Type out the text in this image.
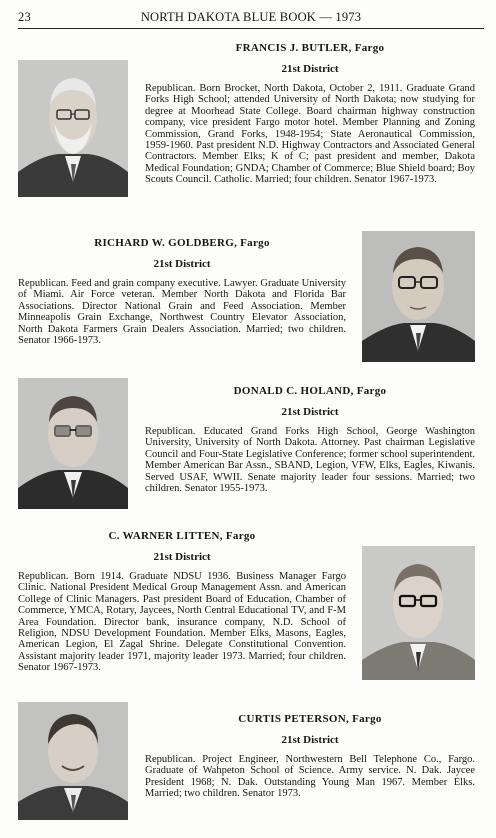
23	NORTH DAKOTA BLUE BOOK — 1973
FRANCIS J. BUTLER, Fargo
21st District
Republican. Born Brocket, North Dakota, October 2, 1911. Graduate Grand Forks High School; attended University of North Dakota; now studying for degree at Moorhead State College. Board chairman highway construction company, vice president Fargo motor hotel. Member Planning and Zoning Commission, Grand Forks, 1948-1954; State Aeronautical Commission, 1959-1960. Past president N.D. Highway Contractors and Associated General Contractors. Member Elks; K of C; past president and member, Dakota Medical Foundation; GNDA; Chamber of Commerce; Blue Shield board; Boy Scouts Council. Catholic. Married; four children. Senator 1967-1973.
RICHARD W. GOLDBERG, Fargo
21st District
Republican. Feed and grain company executive. Lawyer. Graduate University of Miami. Air Force veteran. Member North Dakota and Florida Bar Associations. Director National Grain and Feed Association. Member Minneapolis Grain Exchange, Northwest Country Elevator Association, North Dakota Farmers Grain Dealers Association. Married; two children. Senator 1966-1973.
DONALD C. HOLAND, Fargo
21st District
Republican. Educated Grand Forks High School, George Washington University, University of North Dakota. Attorney. Past chairman Legislative Council and Four-State Legislative Conference; former school superintendent. Member American Bar Assn., SBAND, Legion, VFW, Elks, Eagles, Kiwanis. Served USAF, WWII. Senate majority leader four sessions. Married; two children. Senator 1955-1973.
C. WARNER LITTEN, Fargo
21st District
Republican. Born 1914. Graduate NDSU 1936. Business Manager Fargo Clinic. National President Medical Group Management Assn. and American College of Clinic Managers. Past president Board of Education, Chamber of Commerce, YMCA, Rotary, Jaycees, North Central Educational TV, and F-M Area Foundation. Director bank, insurance company, N.D. School of Religion, NDSU Development Foundation. Member Elks, Masons, Eagles, American Legion, El Zagal Shrine. Delegate Constitutional Convention. Assistant majority leader 1971, majority leader 1973. Married; four children. Senator 1967-1973.
CURTIS PETERSON, Fargo
21st District
Republican. Project Engineer, Northwestern Bell Telephone Co., Fargo. Graduate of Wahpeton School of Science. Army service. N. Dak. Jaycee President 1968; N. Dak. Outstanding Young Man 1967. Member Elks. Married; two children. Senator 1973.
